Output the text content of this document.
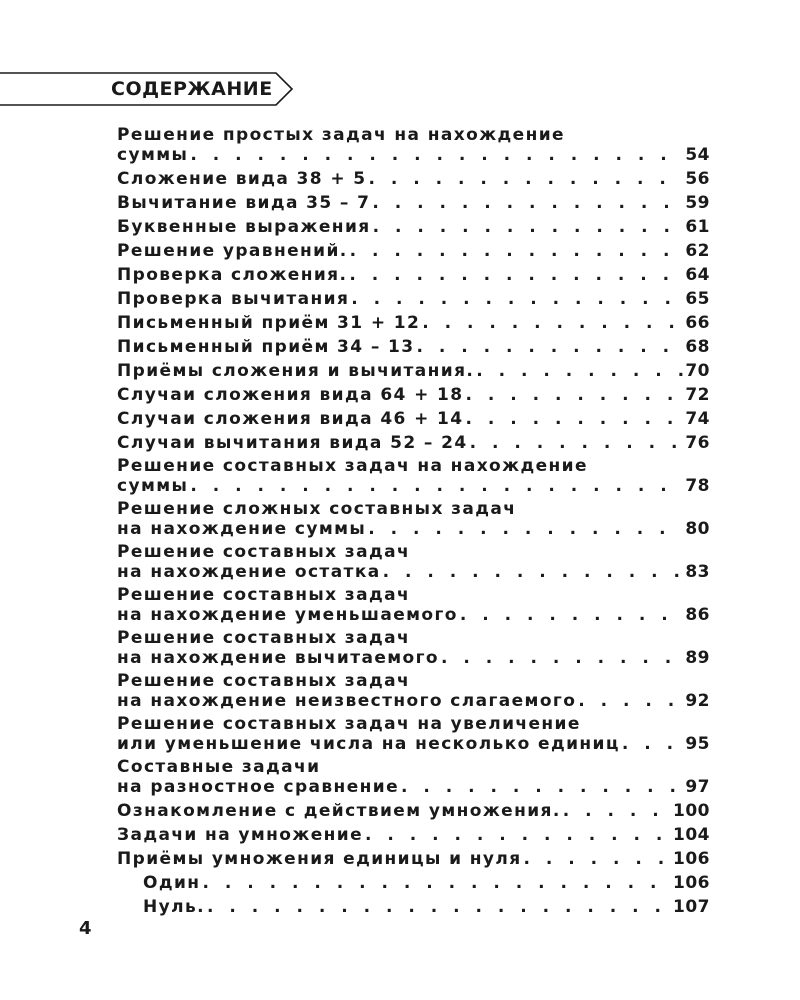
СОДЕРЖАНИЕ
Решение простых задач на нахождение
суммы . . .	54
Сложение вида 38 + 5 . . .	56
Вычитание вида 35 – 7 . . .	59
Буквенные выражения . . .	61
Решение уравнений. . . .	62
Проверка сложения. . . .	64
Проверка вычитания . . .	65
Письменный приём 31 + 12 . . .	66
Письменный приём 34 – 13 . . .	68
Приёмы сложения и вычитания. . . .	70
Случаи сложения вида 64 + 18 . . .	72
Случаи сложения вида 46 + 14 . . .	74
Случаи вычитания вида 52 – 24 . . .	76
Решение составных задач на нахождение
суммы . . .	78
Решение сложных составных задач
на нахождение суммы . . .	80
Решение составных задач
на нахождение остатка . . .	83
Решение составных задач
на нахождение уменьшаемого . . .	86
Решение составных задач
на нахождение вычитаемого . . .	89
Решение составных задач
на нахождение неизвестного слагаемого . . .	92
Решение составных задач на увеличение
или уменьшение числа на несколько единиц . . .	95
Составные задачи
на разностное сравнение . . .	97
Ознакомление с действием умножения. . . .	100
Задачи на умножение . . .	104
Приёмы умножения единицы и нуля . . .	106
Один . . .	106
Нуль. . . .	107
4
